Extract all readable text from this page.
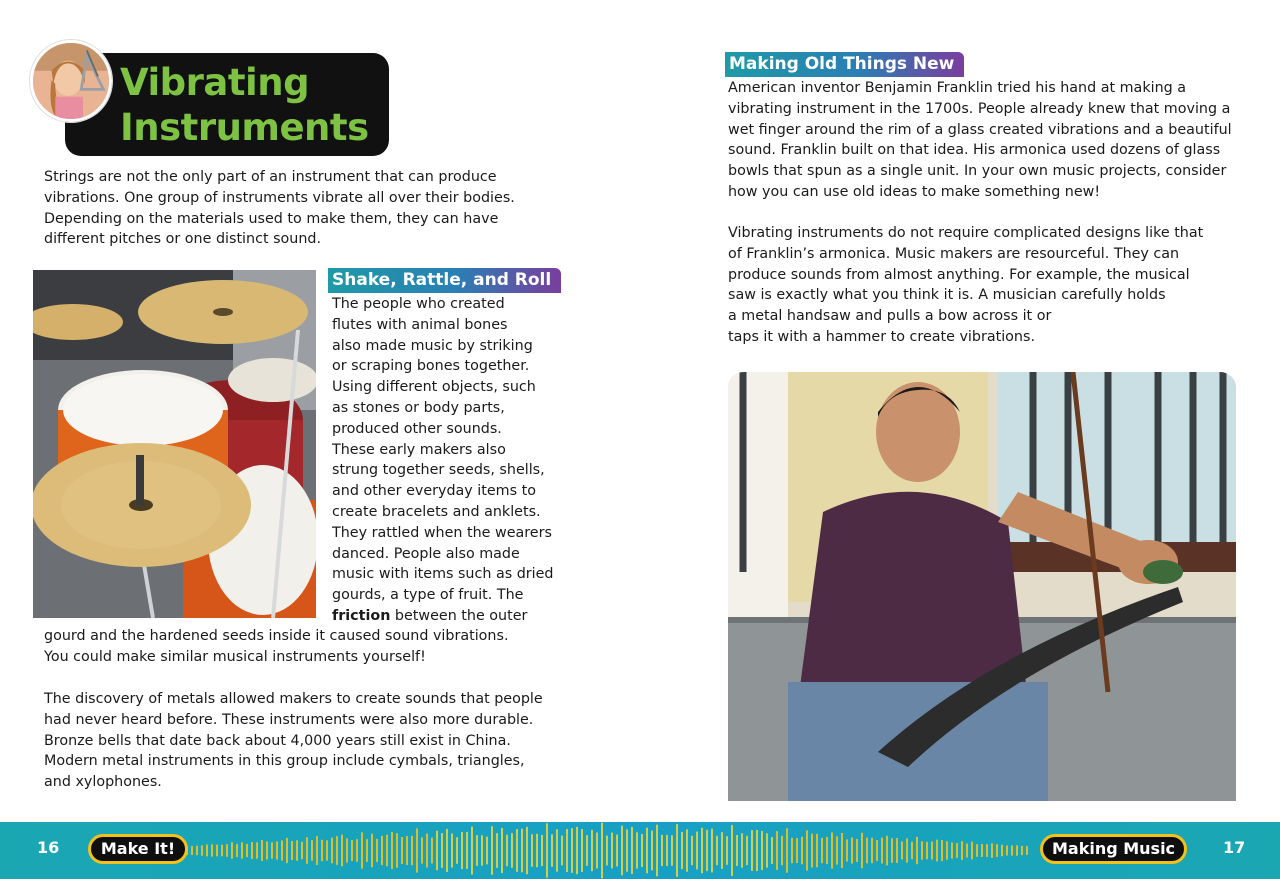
Vibrating
Instruments
Strings are not the only part of an instrument that can produce
vibrations. One group of instruments vibrate all over their bodies.
Depending on the materials used to make them, they can have
different pitches or one distinct sound.
Shake, Rattle, and Roll
The people who created
flutes with animal bones
also made music by striking
or scraping bones together.
Using different objects, such
as stones or body parts,
produced other sounds.
These early makers also
strung together seeds, shells,
and other everyday items to
create bracelets and anklets.
They rattled when the wearers
danced. People also made
music with items such as dried
gourds, a type of fruit. The
friction between the outer
gourd and the hardened seeds inside it caused sound vibrations.
You could make similar musical instruments yourself!
The discovery of metals allowed makers to create sounds that people
had never heard before. These instruments were also more durable.
Bronze bells that date back about 4,000 years still exist in China.
Modern metal instruments in this group include cymbals, triangles,
and xylophones.
Making Old Things New
American inventor Benjamin Franklin tried his hand at making a
vibrating instrument in the 1700s. People already knew that moving a
wet finger around the rim of a glass created vibrations and a beautiful
sound. Franklin built on that idea. His armonica used dozens of glass
bowls that spun as a single unit. In your own music projects, consider
how you can use old ideas to make something new!
Vibrating instruments do not require complicated designs like that
of Franklin’s armonica. Music makers are resourceful. They can
produce sounds from almost anything. For example, the musical
saw is exactly what you think it is. A musician carefully holds
a metal handsaw and pulls a bow across it or
taps it with a hammer to create vibrations.
16	Make It!	Making Music	17
